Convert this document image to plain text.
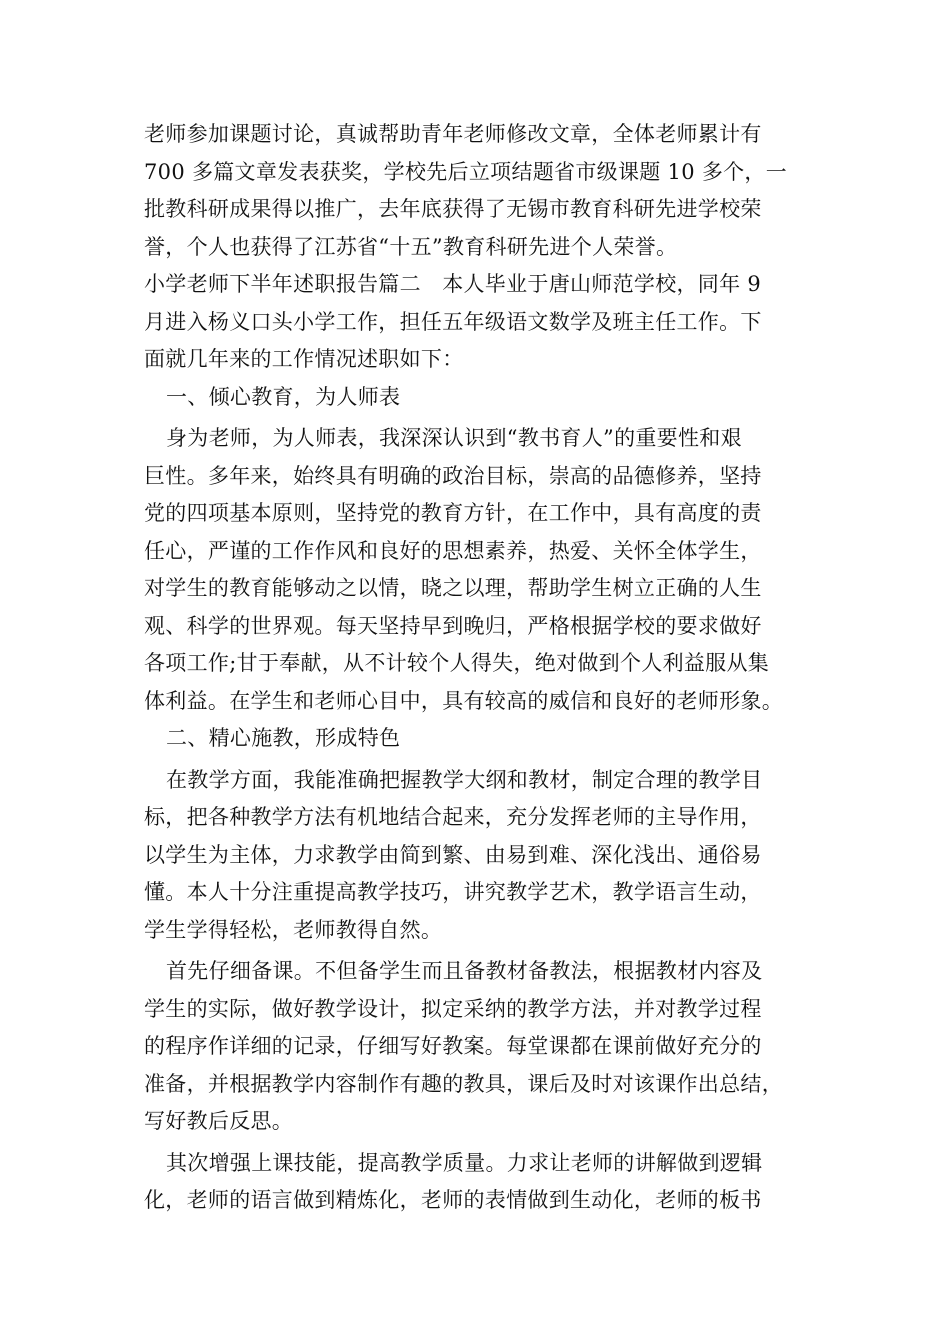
老师参加课题讨论，真诚帮助青年老师修改文章，全体老师累计有
700 多篇文章发表获奖，学校先后立项结题省市级课题 10 多个，一
批教科研成果得以推广，去年底获得了无锡市教育科研先进学校荣
誉，个人也获得了江苏省“十五”教育科研先进个人荣誉。
小学老师下半年述职报告篇二　本人毕业于唐山师范学校，同年 9
月进入杨义口头小学工作，担任五年级语文数学及班主任工作。下
面就几年来的工作情况述职如下：
一、倾心教育，为人师表
身为老师，为人师表，我深深认识到“教书育人”的重要性和艰
巨性。多年来，始终具有明确的政治目标，崇高的品德修养，坚持
党的四项基本原则，坚持党的教育方针，在工作中，具有高度的责
任心，严谨的工作作风和良好的思想素养，热爱、关怀全体学生，
对学生的教育能够动之以情，晓之以理，帮助学生树立正确的人生
观、科学的世界观。每天坚持早到晚归，严格根据学校的要求做好
各项工作;甘于奉献，从不计较个人得失，绝对做到个人利益服从集
体利益。在学生和老师心目中，具有较高的威信和良好的老师形象。
二、精心施教，形成特色
在教学方面，我能准确把握教学大纲和教材，制定合理的教学目
标，把各种教学方法有机地结合起来，充分发挥老师的主导作用，
以学生为主体，力求教学由简到繁、由易到难、深化浅出、通俗易
懂。本人十分注重提高教学技巧，讲究教学艺术，教学语言生动，
学生学得轻松，老师教得自然。
首先仔细备课。不但备学生而且备教材备教法，根据教材内容及
学生的实际，做好教学设计，拟定采纳的教学方法，并对教学过程
的程序作详细的记录，仔细写好教案。每堂课都在课前做好充分的
准备，并根据教学内容制作有趣的教具，课后及时对该课作出总结，
写好教后反思。
其次增强上课技能，提高教学质量。力求让老师的讲解做到逻辑
化，老师的语言做到精炼化，老师的表情做到生动化，老师的板书
